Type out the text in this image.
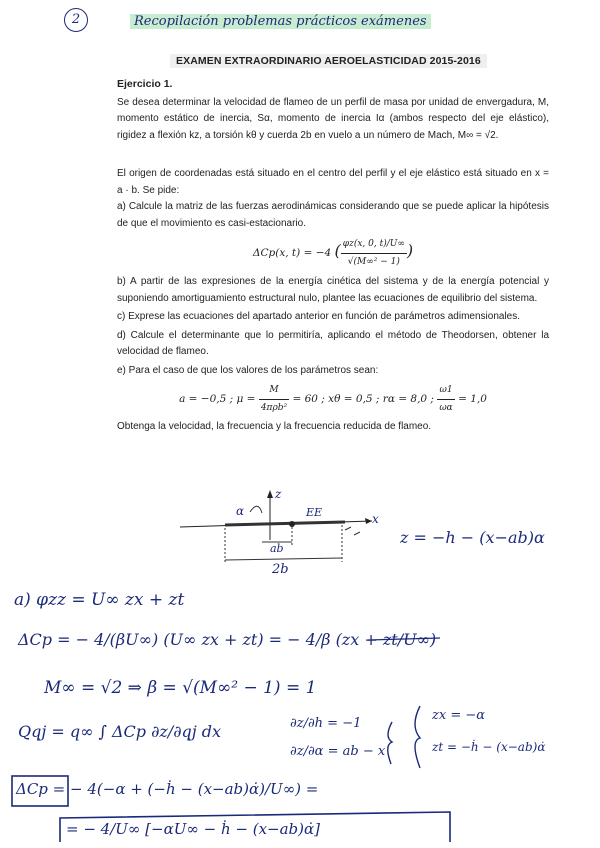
2	Recopilación problemas prácticos exámenes
EXAMEN EXTRAORDINARIO AEROELASTICIDAD 2015-2016

Ejercicio 1.

Se desea determinar la velocidad de flameo de un perfil de masa por unidad de envergadura, M, momento estático de inercia, Sα, momento de inercia Iα (ambos respecto del eje elástico), rigidez a flexión kz, a torsión kθ y cuerda 2b en vuelo a un número de Mach, M∞ = √2.

El origen de coordenadas está situado en el centro del perfil y el eje elástico está situado en x = a · b. Se pide:

a) Calcule la matriz de las fuerzas aerodinámicas considerando que se puede aplicar la hipótesis de que el movimiento es casi-estacionario.

ΔCp(x, t) = −4 ( $\frac{\varphi z(x, 0, t)/U\infty}{\text{√(M∞² − 1)}}$ )

b) A partir de las expresiones de la energía cinética del sistema y de la energía potencial y suponiendo amortiguamiento estructural nulo, plantee las ecuaciones de equilibrio del sistema.

c) Exprese las ecuaciones del apartado anterior en función de parámetros adimensionales.

d) Calcule el determinante que lo permitiría, aplicando el método de Theodorsen, obtener la velocidad de flameo.

e) Para el caso de que los valores de los parámetros sean:

a = −0,5 ; $\mu = \frac{M}{\text{4πρb²}} = 60$ ; xθ = 0,5 ; rα = 8,0 ; $\frac{\omega 1}{\omega\alpha} = 1,0$

Obtenga la velocidad, la frecuencia y la frecuencia reducida de flameo.

z
x
α	EE
ab
2b
z = −h − (x−ab)α
a) φzz = U∞ zx + zt
ΔCp = − 4/(βU∞) (U∞ zx + zt) = − 4/β (zx + zt/U∞)
M∞ = √2 ⇒ β = √(M∞² − 1) = 1
Qqj = q∞ ∫ ΔCp ∂z/∂qj dx	∂z/∂h = −1
∂z/∂α = ab − x
zx = −α
zt = −ḣ − (x−ab)α̇
ΔCp = − 4(−α + (−ḣ − (x−ab)α̇)/U∞) =
= − 4/U∞ [−αU∞ − ḣ − (x−ab)α̇]
